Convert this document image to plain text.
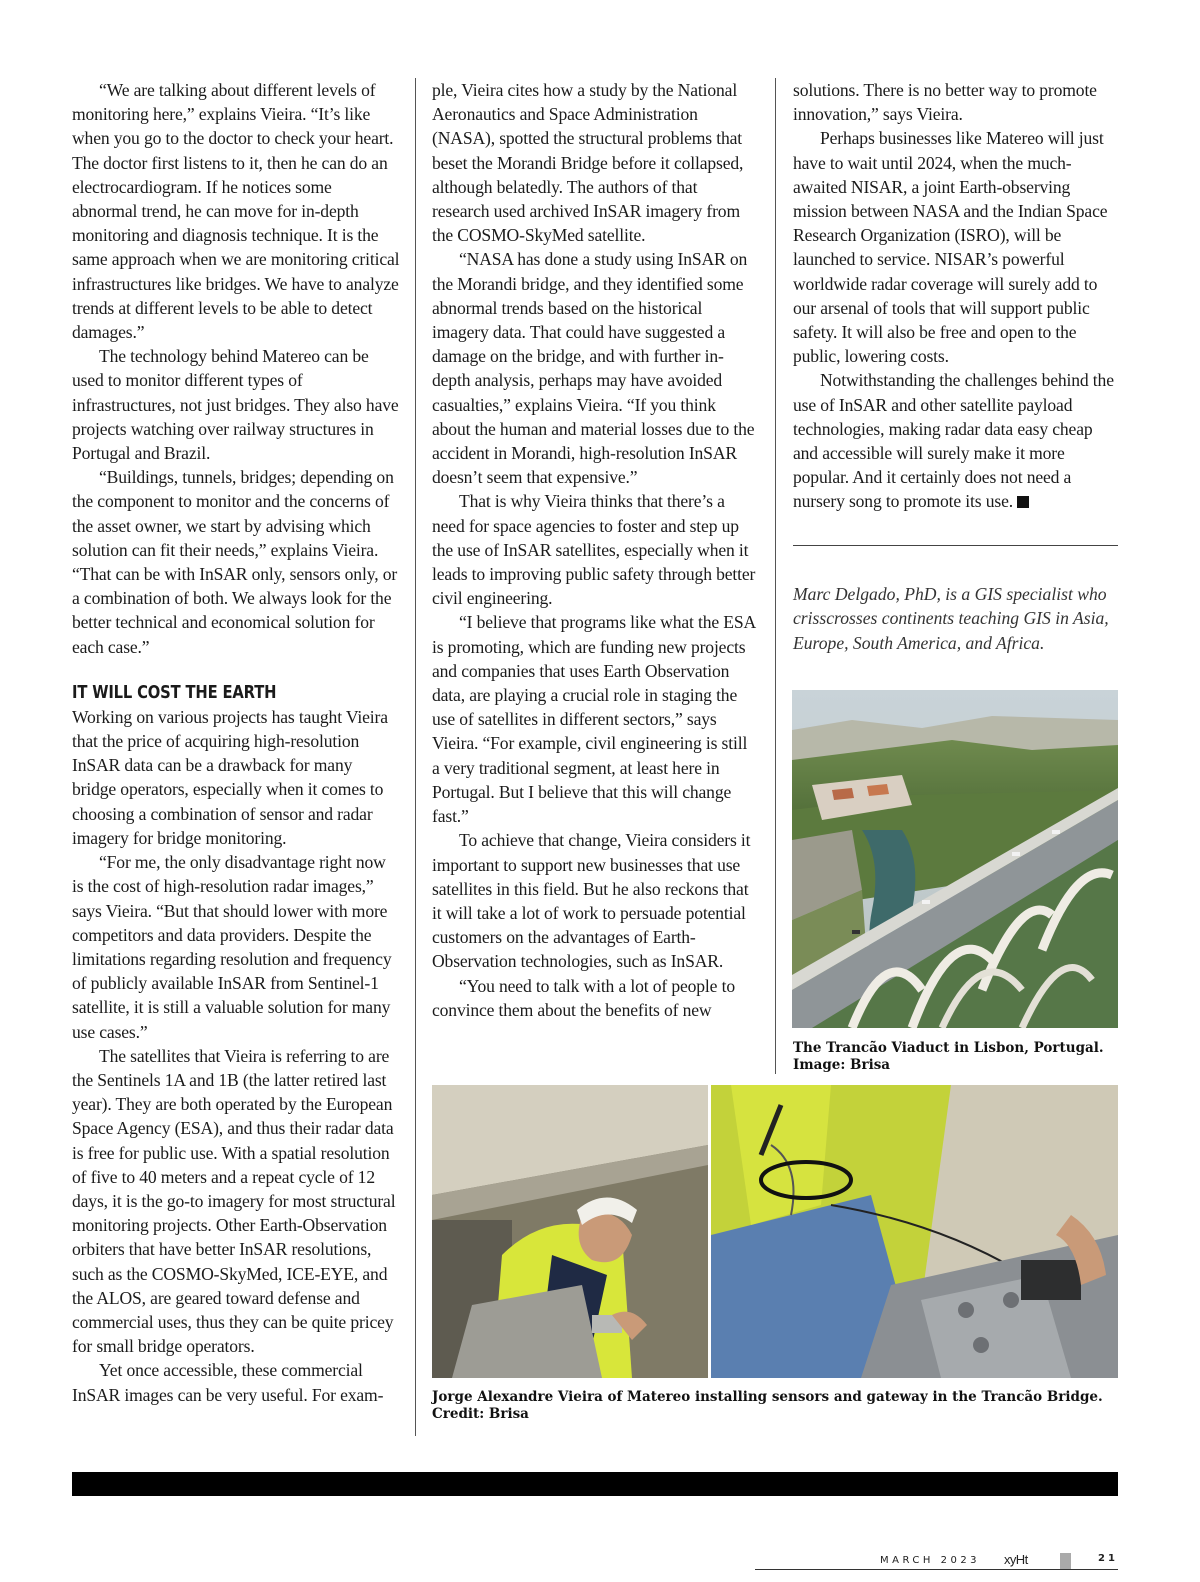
“We are talking about different levels of monitoring here,” explains Vieira. “It’s like when you go to the doctor to check your heart. The doctor first listens to it, then he can do an electrocardiogram. If he notices some abnormal trend, he can move for in-depth monitoring and diagnosis technique. It is the same approach when we are monitoring critical infrastructures like bridges. We have to analyze trends at different levels to be able to detect damages.”

The technology behind Matereo can be used to monitor different types of infrastructures, not just bridges. They also have projects watching over railway structures in Portugal and Brazil.

“Buildings, tunnels, bridges; depending on the component to monitor and the concerns of the asset owner, we start by advising which solution can fit their needs,” explains Vieira. “That can be with InSAR only, sensors only, or a combination of both. We always look for the better technical and economical solution for each case.”

IT WILL COST THE EARTH

Working on various projects has taught Vieira that the price of acquiring high-resolution InSAR data can be a drawback for many bridge operators, especially when it comes to choosing a combination of sensor and radar imagery for bridge monitoring.

“For me, the only disadvantage right now is the cost of high-resolution radar images,” says Vieira. “But that should lower with more competitors and data providers. Despite the limitations regarding resolution and frequency of publicly available InSAR from Sentinel-1 satellite, it is still a valuable solution for many use cases.”

The satellites that Vieira is referring to are the Sentinels 1A and 1B (the latter retired last year). They are both operated by the European Space Agency (ESA), and thus their radar data is free for public use. With a spatial resolution of five to 40 meters and a repeat cycle of 12 days, it is the go-to imagery for most structural monitoring projects. Other Earth-Observation orbiters that have better InSAR resolutions, such as the COSMO-SkyMed, ICE-EYE, and the ALOS, are geared toward defense and commercial uses, thus they can be quite pricey for small bridge operators.

Yet once accessible, these commercial InSAR images can be very useful. For exam-

ple, Vieira cites how a study by the National Aeronautics and Space Administration (NASA), spotted the structural problems that beset the Morandi Bridge before it collapsed, although belatedly. The authors of that research used archived InSAR imagery from the COSMO-SkyMed satellite.

“NASA has done a study using InSAR on the Morandi bridge, and they identified some abnormal trends based on the historical imagery data. That could have suggested a damage on the bridge, and with further in-depth analysis, perhaps may have avoided casualties,” explains Vieira. “If you think about the human and material losses due to the accident in Morandi, high-resolution InSAR doesn’t seem that expensive.”

That is why Vieira thinks that there’s a need for space agencies to foster and step up the use of InSAR satellites, especially when it leads to improving public safety through better civil engineering.

“I believe that programs like what the ESA is promoting, which are funding new projects and companies that uses Earth Observation data, are playing a crucial role in staging the use of satellites in different sectors,” says Vieira. “For example, civil engineering is still a very traditional segment, at least here in Portugal. But I believe that this will change fast.”

To achieve that change, Vieira considers it important to support new businesses that use satellites in this field. But he also reckons that it will take a lot of work to persuade potential customers on the advantages of Earth-Observation technologies, such as InSAR.

“You need to talk with a lot of people to convince them about the benefits of new

solutions. There is no better way to promote innovation,” says Vieira.

Perhaps businesses like Matereo will just have to wait until 2024, when the much-awaited NISAR, a joint Earth-observing mission between NASA and the Indian Space Research Organization (ISRO), will be launched to service. NISAR’s powerful worldwide radar coverage will surely add to our arsenal of tools that will support public safety. It will also be free and open to the public, lowering costs.

Notwithstanding the challenges behind the use of InSAR and other satellite payload technologies, making radar data easy cheap and accessible will surely make it more popular. And it certainly does not need a nursery song to promote its use.

Marc Delgado, PhD, is a GIS specialist who crisscrosses continents teaching GIS in Asia, Europe, South America, and Africa.
The Trancão Viaduct in Lisbon, Portugal.
Image: Brisa
Jorge Alexandre Vieira of Matereo installing sensors and gateway in the Trancão Bridge.
Credit: Brisa
MARCH 2023 xyHt	21
